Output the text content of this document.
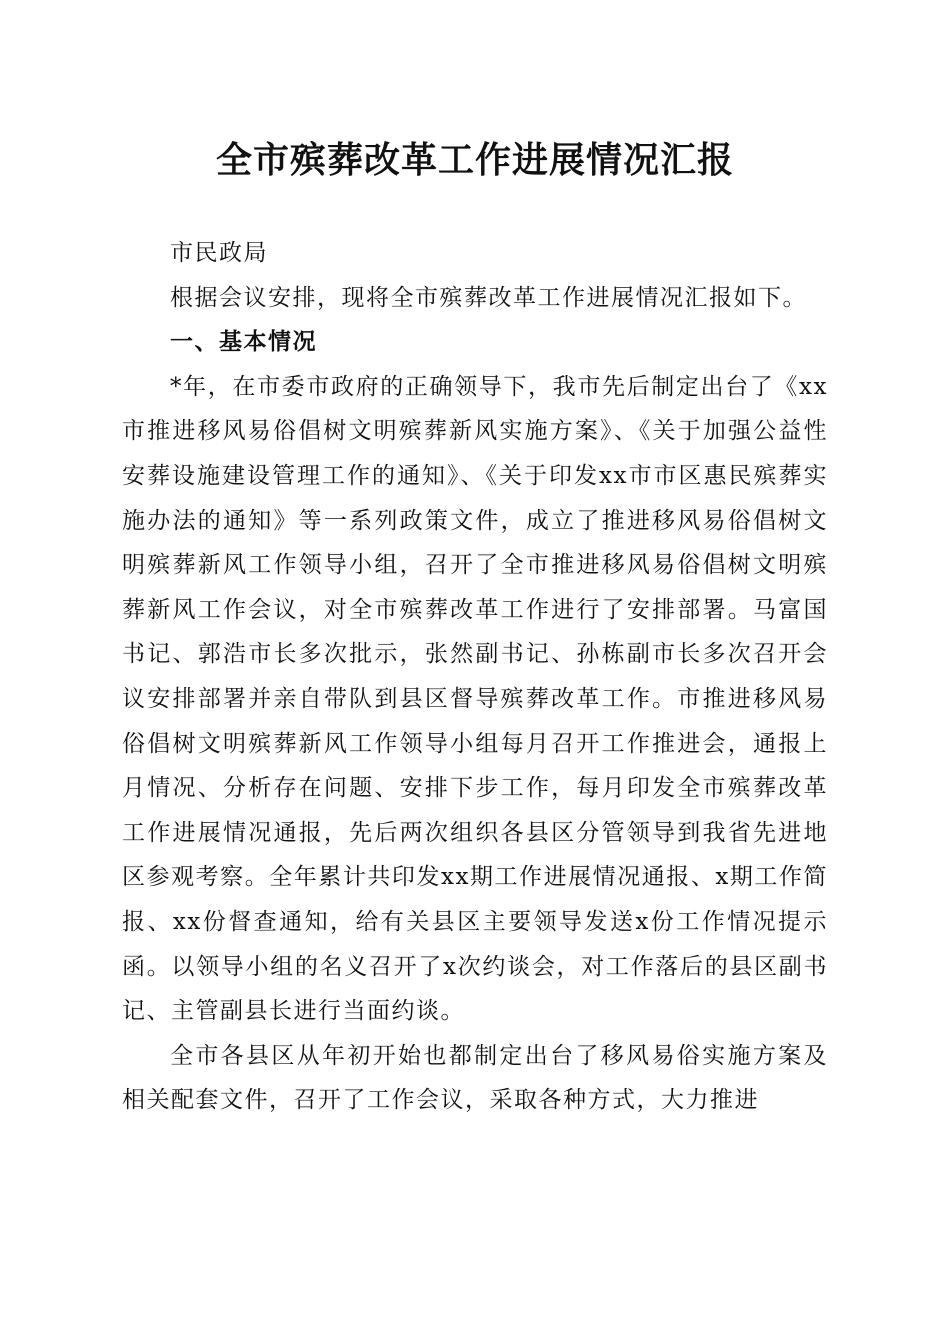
全市殡葬改革工作进展情况汇报

市民政局

根据会议安排，现将全市殡葬改革工作进展情况汇报如下。

一、基本情况

*年，在市委市政府的正确领导下，我市先后制定出台了《xx市推进移风易俗倡树文明殡葬新风实施方案》、《关于加强公益性安葬设施建设管理工作的通知》、《关于印发xx市市区惠民殡葬实施办法的通知》等一系列政策文件，成立了推进移风易俗倡树文明殡葬新风工作领导小组，召开了全市推进移风易俗倡树文明殡葬新风工作会议，对全市殡葬改革工作进行了安排部署。马富国书记、郭浩市长多次批示，张然副书记、孙栋副市长多次召开会议安排部署并亲自带队到县区督导殡葬改革工作。市推进移风易俗倡树文明殡葬新风工作领导小组每月召开工作推进会，通报上月情况、分析存在问题、安排下步工作，每月印发全市殡葬改革工作进展情况通报，先后两次组织各县区分管领导到我省先进地区参观考察。全年累计共印发xx期工作进展情况通报、x期工作简报、xx份督查通知，给有关县区主要领导发送x份工作情况提示函。以领导小组的名义召开了x次约谈会，对工作落后的县区副书记、主管副县长进行当面约谈。

全市各县区从年初开始也都制定出台了移风易俗实施方案及相关配套文件，召开了工作会议，采取各种方式，大力推进
